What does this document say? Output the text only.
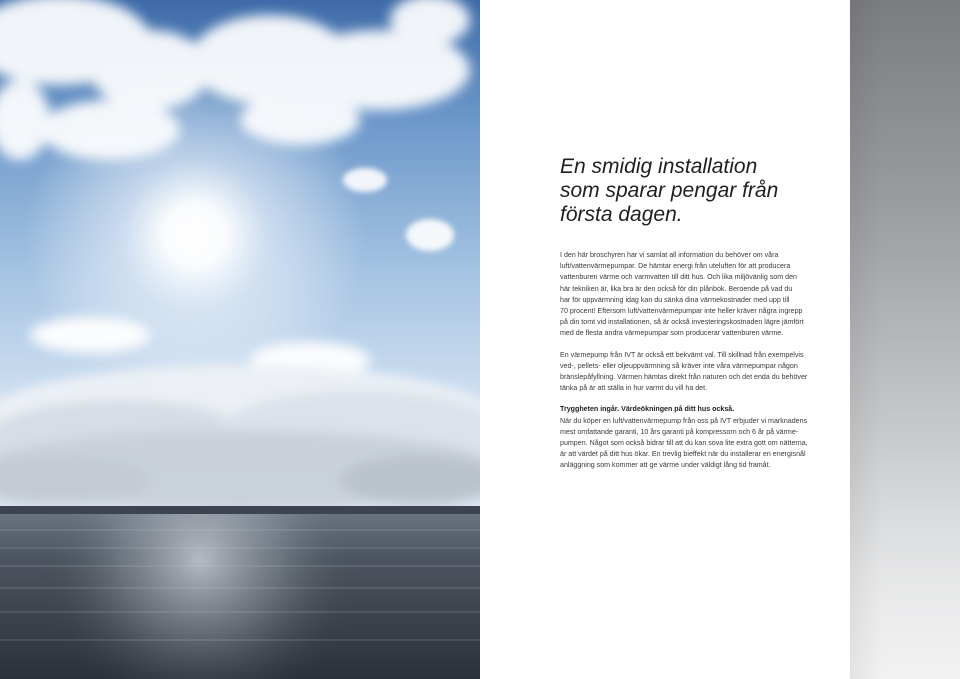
En smidig installation
som sparar pengar från
första dagen.

I den här broschyren har vi samlat all information du behöver om våra
luft/vattenvärmepumpar. De hämtar energi från uteluften för att producera
vattenburen värme och varmvatten till ditt hus. Och lika miljövänlig som den
här tekniken är, lika bra är den också för din plånbok. Beroende på vad du
har för uppvärmning idag kan du sänka dina värmekostnader med upp till
70 procent! Eftersom luft/vattenvärmepumpar inte heller kräver några ingrepp
på din tomt vid installationen, så är också investeringskostnaden lägre jämfört
med de flesta andra värmepumpar som producerar vattenburen värme.

En värmepump från IVT är också ett bekvämt val. Till skillnad från exempelvis
ved-, pellets- eller oljeuppvärmning så kräver inte våra värmepumpar någon
bränslepåfyllning. Värmen hämtas direkt från naturen och det enda du behöver
tänka på är att ställa in hur varmt du vill ha det.

Tryggheten ingår. Värdeökningen på ditt hus också.
När du köper en luft/vattenvärmepump från oss på IVT erbjuder vi marknadens
mest omfattande garanti, 10 års garanti på kompressorn och 6 år på värme-
pumpen. Något som också bidrar till att du kan sova lite extra gott om nätterna,
är att värdet på ditt hus ökar. En trevlig bieffekt när du installerar en energisnål
anläggning som kommer att ge värme under väldigt lång tid framåt.
